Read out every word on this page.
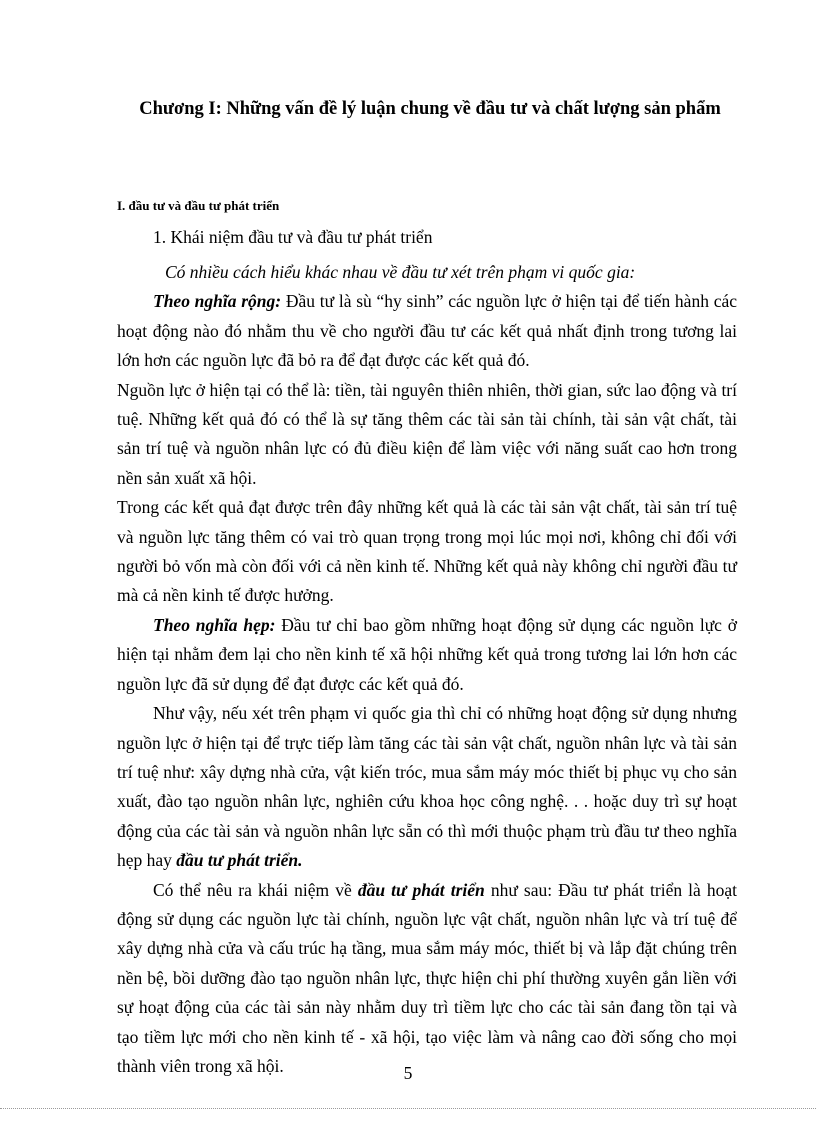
Chương I: Những vấn đề lý luận chung về đầu tư và chất lượng sản phẩm
I. đầu tư và đầu tư phát triển
1. Khái niệm đầu tư và đầu tư phát triển

Có nhiều cách hiểu khác nhau về đầu tư xét trên phạm vi quốc gia:

Theo nghĩa rộng: Đầu tư là sù “hy sinh” các nguồn lực ở hiện tại để tiến hành các hoạt động nào đó nhằm thu về cho người đầu tư các kết quả nhất định trong tương lai lớn hơn các nguồn lực đã bỏ ra để đạt được các kết quả đó.

Nguồn lực ở hiện tại có thể là: tiền, tài nguyên thiên nhiên, thời gian, sức lao động và trí tuệ. Những kết quả đó có thể là sự tăng thêm các tài sản tài chính, tài sản vật chất, tài sản trí tuệ và nguồn nhân lực có đủ điều kiện để làm việc với năng suất cao hơn trong nền sản xuất xã hội.

Trong các kết quả đạt được trên đây những kết quả là các tài sản vật chất, tài sản trí tuệ và nguồn lực tăng thêm có vai trò quan trọng trong mọi lúc mọi nơi, không chỉ đối với người bỏ vốn mà còn đối với cả nền kinh tế. Những kết quả này không chỉ người đầu tư mà cả nền kinh tế được hưởng.

Theo nghĩa hẹp: Đầu tư chỉ bao gồm những hoạt động sử dụng các nguồn lực ở hiện tại nhằm đem lại cho nền kinh tế xã hội những kết quả trong tương lai lớn hơn các nguồn lực đã sử dụng để đạt được các kết quả đó.

Như vậy, nếu xét trên phạm vi quốc gia thì chỉ có những hoạt động sử dụng nhưng nguồn lực ở hiện tại để trực tiếp làm tăng các tài sản vật chất, nguồn nhân lực và tài sản trí tuệ như: xây dựng nhà cửa, vật kiến tróc, mua sắm máy móc thiết bị phục vụ cho sản xuất, đào tạo nguồn nhân lực, nghiên cứu khoa học công nghệ. . . hoặc duy trì sự hoạt động của các tài sản và nguồn nhân lực sẵn có thì mới thuộc phạm trù đầu tư theo nghĩa hẹp hay đầu tư phát triển.

Có thể nêu ra khái niệm về đầu tư phát triển như sau: Đầu tư phát triển là hoạt động sử dụng các nguồn lực tài chính, nguồn lực vật chất, nguồn nhân lực và trí tuệ để xây dựng nhà cửa và cấu trúc hạ tầng, mua sắm máy móc, thiết bị và lắp đặt chúng trên nền bệ, bồi dưỡng đào tạo nguồn nhân lực, thực hiện chi phí thường xuyên gắn liền với sự hoạt động của các tài sản này nhằm duy trì tiềm lực cho các tài sản đang tồn tại và tạo tiềm lực mới cho nền kinh tế - xã hội, tạo việc làm và nâng cao đời sống cho mọi thành viên trong xã hội.	5
